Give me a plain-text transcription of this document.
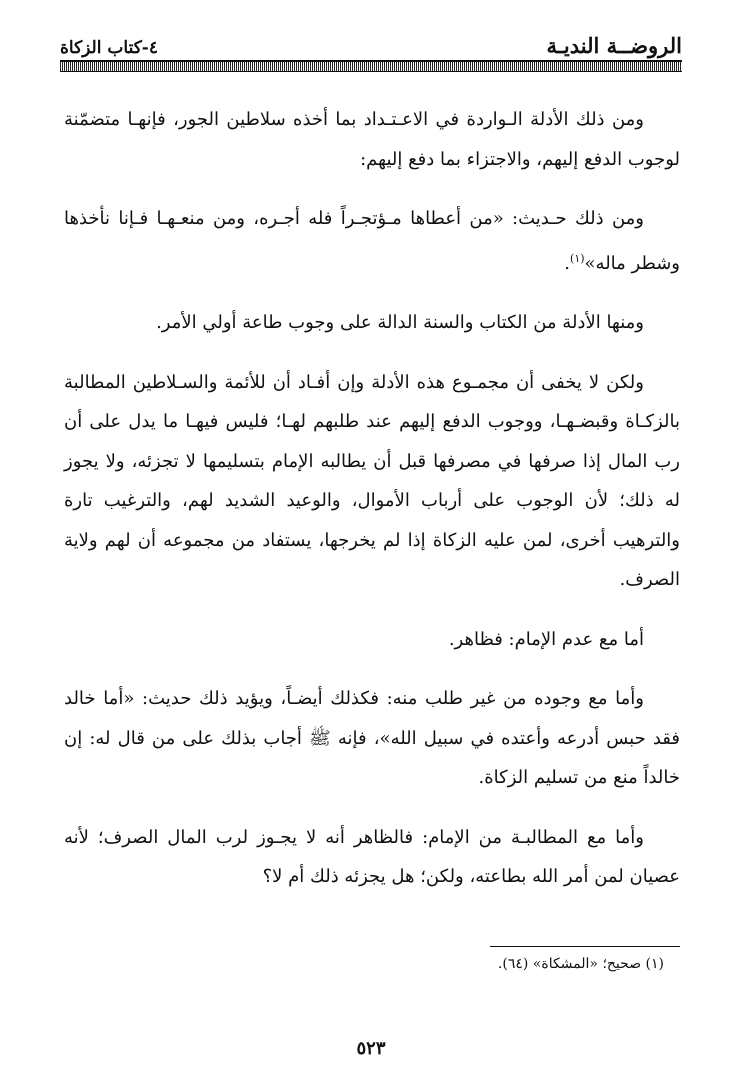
الروضــة النديـة
٤-كتاب الزكاة

ومن ذلك الأدلة الـواردة في الاعـتـداد بما أخذه سلاطين الجور، فإنهـا متضمّنة لوجوب الدفع إليهم، والاجتزاء بما دفع إليهم:

ومن ذلك حـديث: «من أعطاها مـؤتجـراً فله أجـره، ومن منعـهـا فـإنا نأخذها وشطر ماله»$^{(١)}$.

ومنها الأدلة من الكتاب والسنة الدالة على وجوب طاعة أولي الأمر.

ولكن لا يخفى أن مجمـوع هذه الأدلة وإن أفـاد أن للأئمة والسـلاطين المطالبة بالزكـاة وقبضـهـا، ووجوب الدفع إليهم عند طلبهم لهـا؛ فليس فيهـا ما يدل على أن رب المال إذا صرفها في مصرفها قبل أن يطالبه الإمام بتسليمها لا تجزئه، ولا يجوز له ذلك؛ لأن الوجوب على أرباب الأموال، والوعيد الشديد لهم، والترغيب تارة والترهيب أخرى، لمن عليه الزكاة إذا لم يخرجها، يستفاد من مجموعه أن لهم ولاية الصرف.

أما مع عدم الإمام: فظاهر.

وأما مع وجوده من غير طلب منه: فكذلك أيضـاً، ويؤيد ذلك حديث: «أما خالد فقد حبس أدرعه وأعتده في سبيل الله»، فإنه ﷺ أجاب بذلك على من قال له: إن خالداً منع من تسليم الزكاة.

وأما مع المطالبـة من الإمام: فالظاهر أنه لا يجـوز لرب المال الصرف؛ لأنه عصيان لمن أمر الله بطاعته، ولكن؛ هل يجزئه ذلك أم لا؟

(١) صحيح؛ «المشكاة» (٦٤).
٥٢٣
